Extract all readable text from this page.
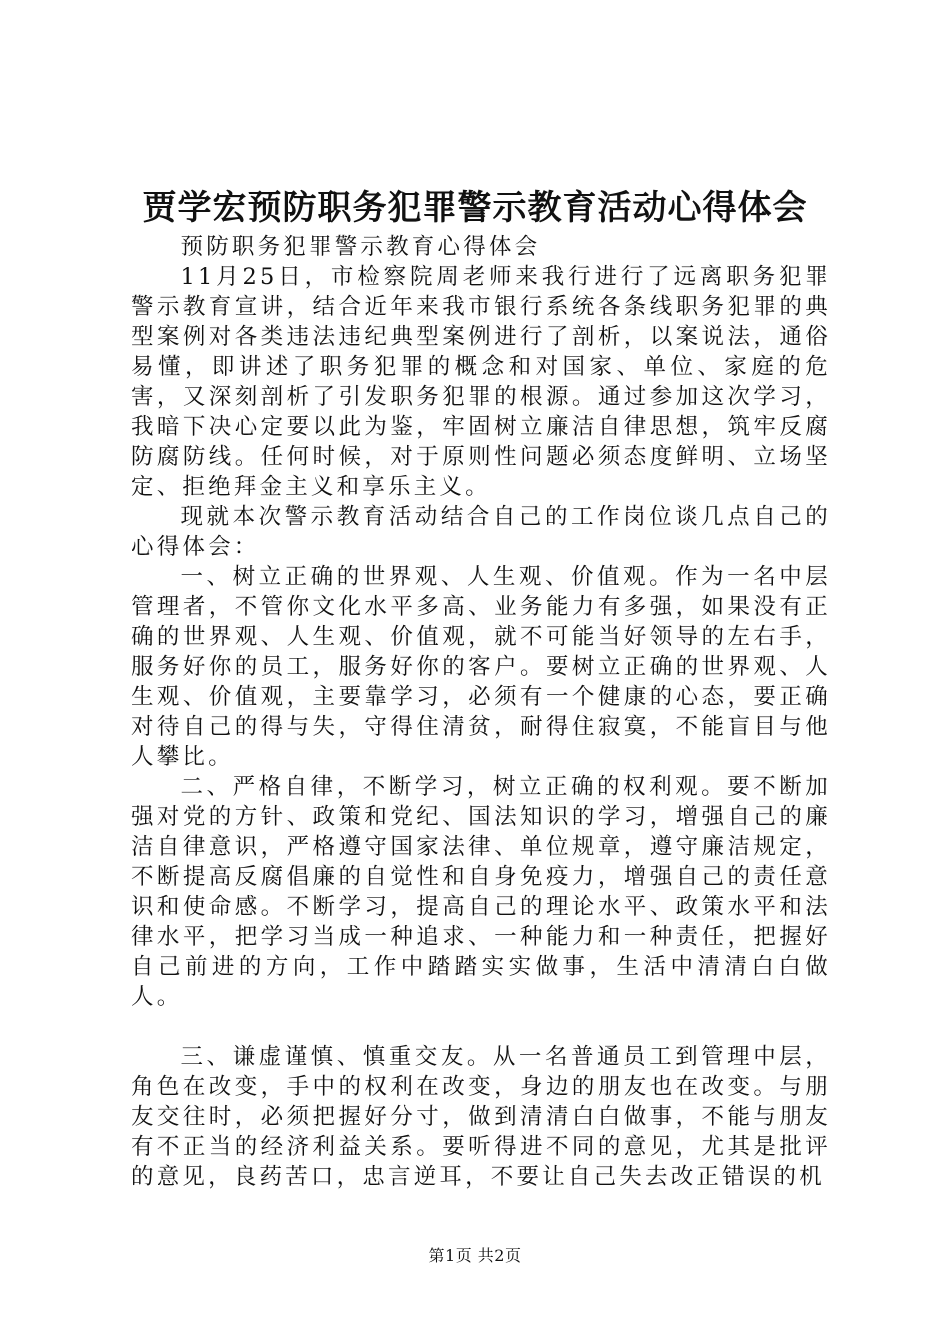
贾学宏预防职务犯罪警示教育活动心得体会

预防职务犯罪警示教育心得体会

11月25日，市检察院周老师来我行进行了远离职务犯罪警示教育宣讲，结合近年来我市银行系统各条线职务犯罪的典型案例对各类违法违纪典型案例进行了剖析，以案说法，通俗易懂，即讲述了职务犯罪的概念和对国家、单位、家庭的危害，又深刻剖析了引发职务犯罪的根源。通过参加这次学习，我暗下决心定要以此为鉴，牢固树立廉洁自律思想，筑牢反腐防腐防线。任何时候，对于原则性问题必须态度鲜明、立场坚定、拒绝拜金主义和享乐主义。

现就本次警示教育活动结合自己的工作岗位谈几点自己的心得体会：

一、树立正确的世界观、人生观、价值观。作为一名中层管理者，不管你文化水平多高、业务能力有多强，如果没有正确的世界观、人生观、价值观，就不可能当好领导的左右手，服务好你的员工，服务好你的客户。要树立正确的世界观、人生观、价值观，主要靠学习，必须有一个健康的心态，要正确对待自己的得与失，守得住清贫，耐得住寂寞，不能盲目与他人攀比。

二、严格自律，不断学习，树立正确的权利观。要不断加强对党的方针、政策和党纪、国法知识的学习，增强自己的廉洁自律意识，严格遵守国家法律、单位规章，遵守廉洁规定，不断提高反腐倡廉的自觉性和自身免疫力，增强自己的责任意识和使命感。不断学习，提高自己的理论水平、政策水平和法律水平，把学习当成一种追求、一种能力和一种责任，把握好自己前进的方向，工作中踏踏实实做事，生活中清清白白做人。

三、谦虚谨慎、慎重交友。从一名普通员工到管理中层，角色在改变，手中的权利在改变，身边的朋友也在改变。与朋友交往时，必须把握好分寸，做到清清白白做事，不能与朋友有不正当的经济利益关系。要听得进不同的意见，尤其是批评的意见，良药苦口，忠言逆耳，不要让自己失去改正错误的机

第1页 共2页
